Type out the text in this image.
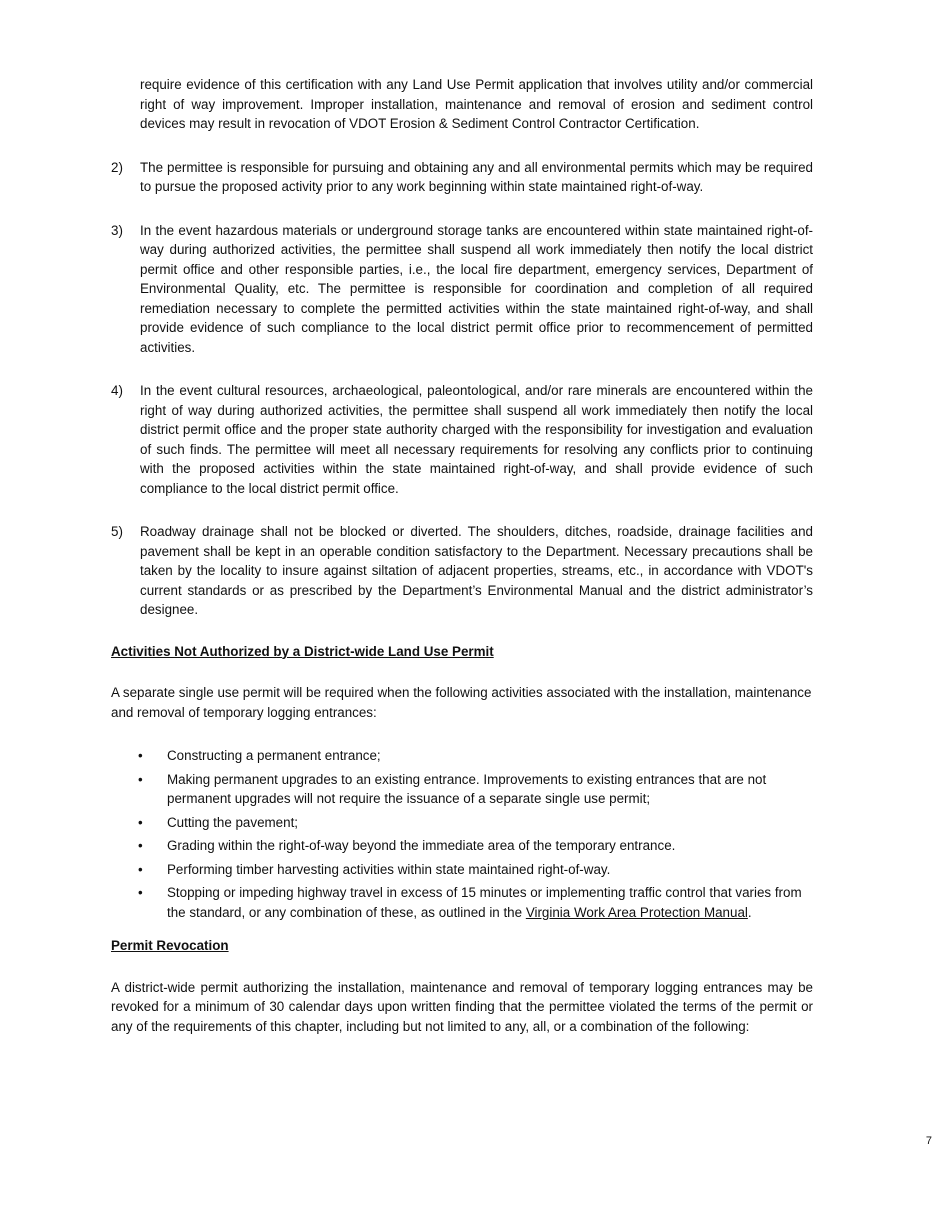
require evidence of this certification with any Land Use Permit application that involves utility and/or commercial right of way improvement. Improper installation, maintenance and removal of erosion and sediment control devices may result in revocation of VDOT Erosion & Sediment Control Contractor Certification.

2) The permittee is responsible for pursuing and obtaining any and all environmental permits which may be required to pursue the proposed activity prior to any work beginning within state maintained right-of-way.
3) In the event hazardous materials or underground storage tanks are encountered within state maintained right-of-way during authorized activities, the permittee shall suspend all work immediately then notify the local district permit office and other responsible parties, i.e., the local fire department, emergency services, Department of Environmental Quality, etc. The permittee is responsible for coordination and completion of all required remediation necessary to complete the permitted activities within the state maintained right-of-way, and shall provide evidence of such compliance to the local district permit office prior to recommencement of permitted activities.
4) In the event cultural resources, archaeological, paleontological, and/or rare minerals are encountered within the right of way during authorized activities, the permittee shall suspend all work immediately then notify the local district permit office and the proper state authority charged with the responsibility for investigation and evaluation of such finds. The permittee will meet all necessary requirements for resolving any conflicts prior to continuing with the proposed activities within the state maintained right-of-way, and shall provide evidence of such compliance to the local district permit office.
5) Roadway drainage shall not be blocked or diverted. The shoulders, ditches, roadside, drainage facilities and pavement shall be kept in an operable condition satisfactory to the Department. Necessary precautions shall be taken by the locality to insure against siltation of adjacent properties, streams, etc., in accordance with VDOT's current standards or as prescribed by the Department’s Environmental Manual and the district administrator’s designee.
Activities Not Authorized by a District-wide Land Use Permit
A separate single use permit will be required when the following activities associated with the installation, maintenance and removal of temporary logging entrances:
• Constructing a permanent entrance;
• Making permanent upgrades to an existing entrance. Improvements to existing entrances that are not permanent upgrades will not require the issuance of a separate single use permit;
• Cutting the pavement;
• Grading within the right-of-way beyond the immediate area of the temporary entrance.
• Performing timber harvesting activities within state maintained right-of-way.
• Stopping or impeding highway travel in excess of 15 minutes or implementing traffic control that varies from the standard, or any combination of these, as outlined in the Virginia Work Area Protection Manual.
Permit Revocation
A district-wide permit authorizing the installation, maintenance and removal of temporary logging entrances may be revoked for a minimum of 30 calendar days upon written finding that the permittee violated the terms of the permit or any of the requirements of this chapter, including but not limited to any, all, or a combination of the following:
7
